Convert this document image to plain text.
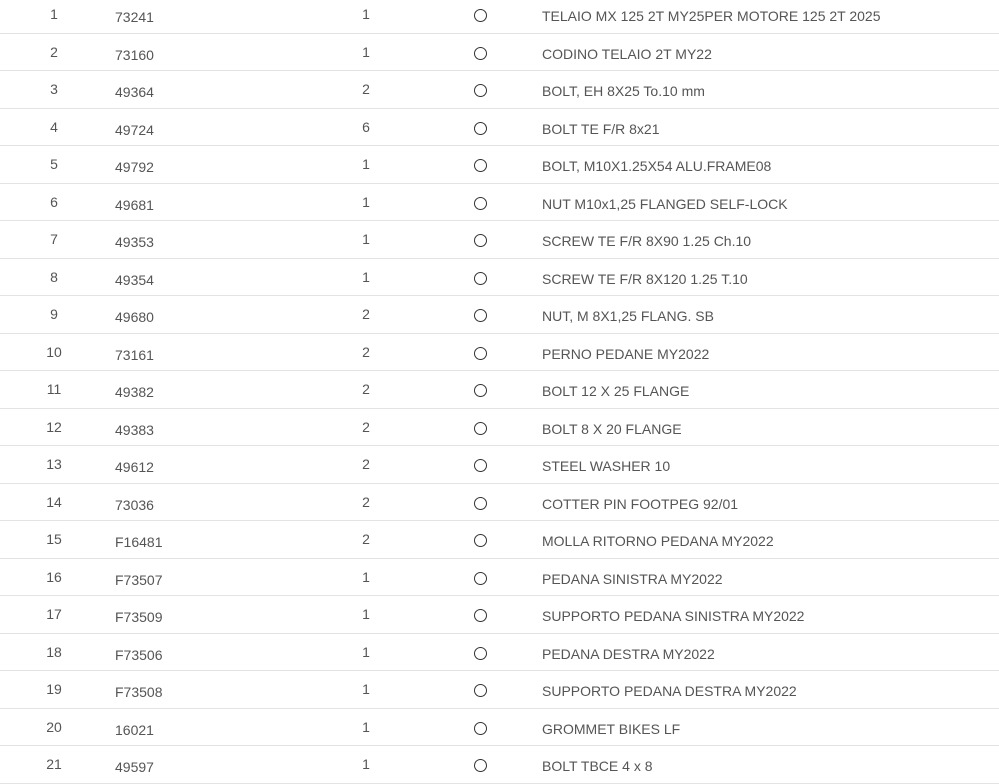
1	73241	1	TELAIO MX 125 2T MY25PER MOTORE 125 2T 2025
2	73160	1	CODINO TELAIO 2T MY22
3	49364	2	BOLT, EH 8X25 To.10 mm
4	49724	6	BOLT TE F/R 8x21
5	49792	1	BOLT, M10X1.25X54 ALU.FRAME08
6	49681	1	NUT M10x1,25 FLANGED SELF-LOCK
7	49353	1	SCREW TE F/R 8X90 1.25 Ch.10
8	49354	1	SCREW TE F/R 8X120 1.25 T.10
9	49680	2	NUT, M 8X1,25 FLANG. SB
10	73161	2	PERNO PEDANE MY2022
11	49382	2	BOLT 12 X 25 FLANGE
12	49383	2	BOLT 8 X 20 FLANGE
13	49612	2	STEEL WASHER 10
14	73036	2	COTTER PIN FOOTPEG 92/01
15	F16481	2	MOLLA RITORNO PEDANA MY2022
16	F73507	1	PEDANA SINISTRA MY2022
17	F73509	1	SUPPORTO PEDANA SINISTRA MY2022
18	F73506	1	PEDANA DESTRA MY2022
19	F73508	1	SUPPORTO PEDANA DESTRA MY2022
20	16021	1	GROMMET BIKES LF
21	49597	1	BOLT TBCE 4 x 8
